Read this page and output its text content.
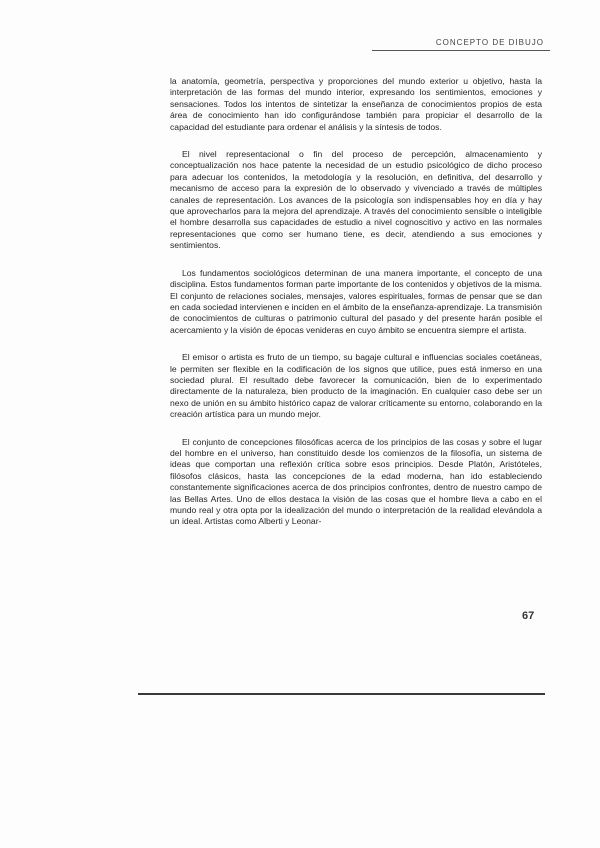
CONCEPTO DE DIBUJO

la anatomía, geometría, perspectiva y proporciones del mundo exterior u objetivo, hasta la interpretación de las formas del mundo interior, expresando los sentimientos, emociones y sensaciones. Todos los intentos de sintetizar la enseñanza de conocimientos propios de esta área de conocimiento han ido configurándose también para propiciar el desarrollo de la capacidad del estudiante para ordenar el análisis y la síntesis de todos.

El nivel representacional o fin del proceso de percepción, almacenamiento y conceptualización nos hace patente la necesidad de un estudio psicológico de dicho proceso para adecuar los contenidos, la metodología y la resolución, en definitiva, del desarrollo y mecanismo de acceso para la expresión de lo observado y vivenciado a través de múltiples canales de representación. Los avances de la psicología son indispensables hoy en día y hay que aprovecharlos para la mejora del aprendizaje. A través del conocimiento sensible o inteligible el hombre desarrolla sus capacidades de estudio a nivel cognoscitivo y activo en las normales representaciones que como ser humano tiene, es decir, atendiendo a sus emociones y sentimientos.

Los fundamentos sociológicos determinan de una manera importante, el concepto de una disciplina. Estos fundamentos forman parte importante de los contenidos y objetivos de la misma. El conjunto de relaciones sociales, mensajes, valores espirituales, formas de pensar que se dan en cada sociedad intervienen e inciden en el ámbito de la enseñanza-aprendizaje. La transmisión de conocimientos de culturas o patrimonio cultural del pasado y del presente harán posible el acercamiento y la visión de épocas venideras en cuyo ámbito se encuentra siempre el artista.

El emisor o artista es fruto de un tiempo, su bagaje cultural e influencias sociales coetáneas, le permiten ser flexible en la codificación de los signos que utilice, pues está inmerso en una sociedad plural. El resultado debe favorecer la comunicación, bien de lo experimentado directamente de la naturaleza, bien producto de la imaginación. En cualquier caso debe ser un nexo de unión en su ámbito histórico capaz de valorar críticamente su entorno, colaborando en la creación artística para un mundo mejor.

El conjunto de concepciones filosóficas acerca de los principios de las cosas y sobre el lugar del hombre en el universo, han constituido desde los comienzos de la filosofía, un sistema de ideas que comportan una reflexión crítica sobre esos principios. Desde Platón, Aristóteles, filósofos clásicos, hasta las concepciones de la edad moderna, han ido estableciendo constantemente significaciones acerca de dos principios confrontes, dentro de nuestro campo de las Bellas Artes. Uno de ellos destaca la visión de las cosas que el hombre lleva a cabo en el mundo real y otra opta por la idealización del mundo o interpretación de la realidad elevándola a un ideal. Artistas como Alberti y Leonar-

67
